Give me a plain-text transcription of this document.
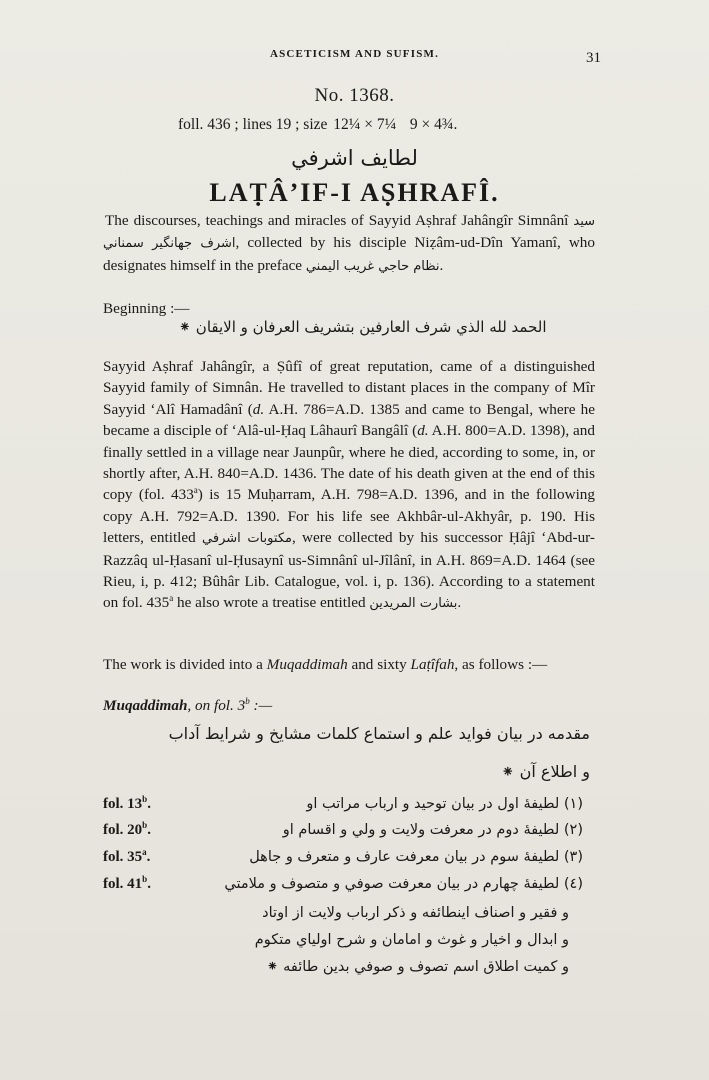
ASCETICISM AND SUFISM.	31
No. 1368.
foll. 436 ; lines 19 ; size 12¼ × 7¼ 9 × 4¾.
لطايف اشرفي
LAṬÂ’IF-I AṢHRAFÎ.

The discourses, teachings and miracles of Sayyid Aṣhraf Jahângîr Simnânî سيد اشرف جهانگير سمناني, collected by his disciple Niẓâm-ud-Dîn Yamanî, who designates himself in the preface نظام حاجي غريب اليمني.

Beginning :—
الحمد لله الذي شرف العارفين بتشريف العرفان و الايقان ⁕

Sayyid Aṣhraf Jahângîr, a Ṣûfî of great reputation, came of a distinguished Sayyid family of Simnân. He travelled to distant places in the company of Mîr Sayyid ‘Alî Hamadânî (d. A.H. 786=A.D. 1385 and came to Bengal, where he became a disciple of ‘Alâ-ul-Ḥaq Lâhaurî Bangâlî (d. A.H. 800=A.D. 1398), and finally settled in a village near Jaunpûr, where he died, according to some, in, or shortly after, A.H. 840=A.D. 1436. The date of his death given at the end of this copy (fol. 433$^a$) is 15 Muḥarram, A.H. 798=A.D. 1396, and in the following copy A.H. 792=A.D. 1390. For his life see Akhbâr-ul-Akhyâr, p. 190. His letters, entitled مكتوبات اشرفي, were collected by his successor Ḥâjî ‘Abd-ur-Razzâq ul-Ḥasanî ul-Ḥusaynî us-Simnânî ul-Jîlânî, in A.H. 869=A.D. 1464 (see Rieu, i, p. 412; Bûhâr Lib. Catalogue, vol. i, p. 136). According to a statement on fol. 435$^a$ he also wrote a treatise entitled بشارت المريدين.

The work is divided into a Muqaddimah and sixty Laṭîfah, as follows :—

Muqaddimah, on fol. 3$^b$ :—
مقدمه در بيان فوايد علم و استماع كلمات مشايخ و شرايط آداب
و اطلاع آن ⁕
fol. 13$^b$.	(١) لطيفهٔ اول در بيان توحيد و ارباب مراتب او
fol. 20$^b$.	(٢) لطيفهٔ دوم در معرفت ولايت و ولي و اقسام او
fol. 35$^a$.	(٣) لطيفهٔ سوم در بيان معرفت عارف و متعرف و جاهل
fol. 41$^b$.	(٤) لطيفهٔ چهارم در بيان معرفت صوفي و متصوف و ملامتي
و فقير و اصناف اينطائفه و ذكر ارباب ولايت از اوتاد
و ابدال و اخيار و غوث و امامان و شرح اولياي متكوم
و كميت اطلاق اسم تصوف و صوفي بدين طائفه ⁕
